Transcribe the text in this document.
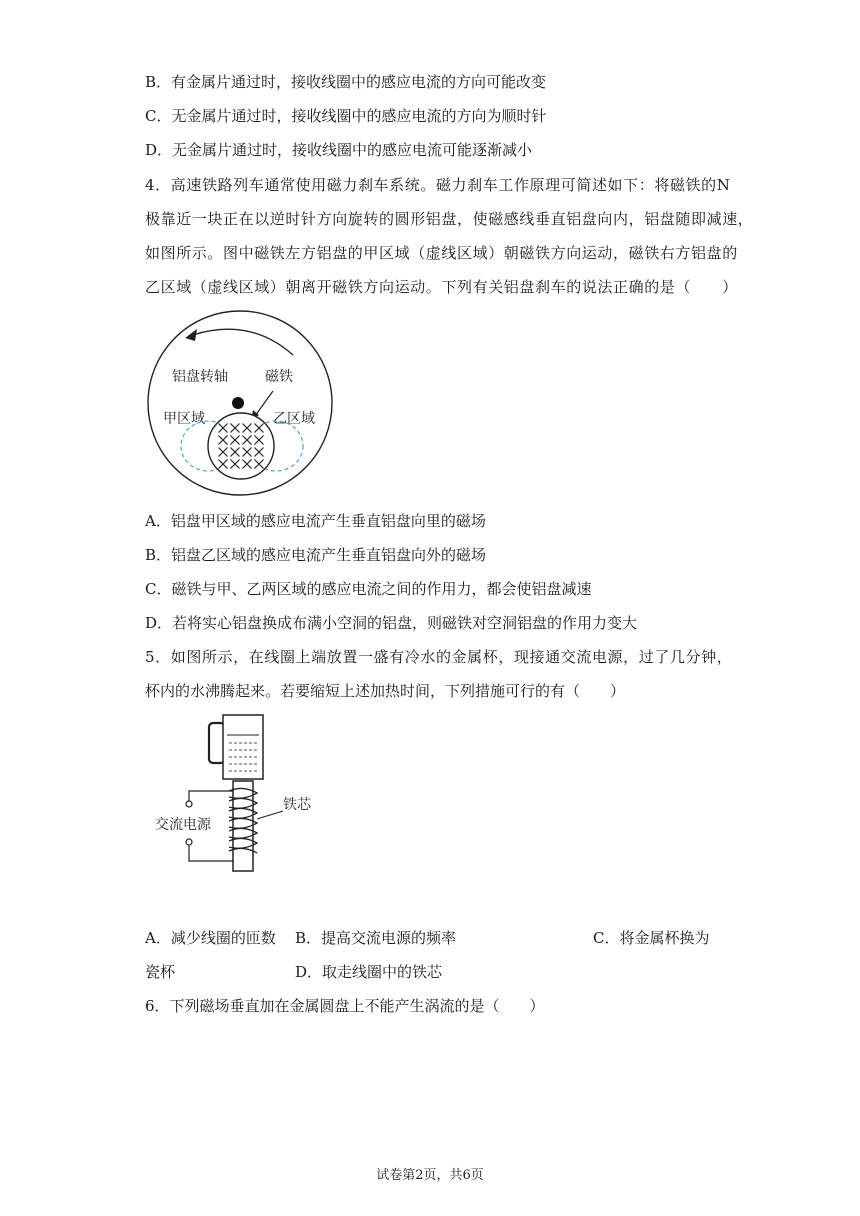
B．有金属片通过时，接收线圈中的感应电流的方向可能改变
C．无金属片通过时，接收线圈中的感应电流的方向为顺时针
D．无金属片通过时，接收线圈中的感应电流可能逐渐减小
4．高速铁路列车通常使用磁力刹车系统。磁力刹车工作原理可简述如下：将磁铁的N
极靠近一块正在以逆时针方向旋转的圆形铝盘，使磁感线垂直铝盘向内，铝盘随即减速，
如图所示。图中磁铁左方铝盘的甲区域（虚线区域）朝磁铁方向运动，磁铁右方铝盘的
乙区域（虚线区域）朝离开磁铁方向运动。下列有关铝盘刹车的说法正确的是（　　）
铝盘转轴	磁铁
甲区域	乙区域
A．铝盘甲区域的感应电流产生垂直铝盘向里的磁场
B．铝盘乙区域的感应电流产生垂直铝盘向外的磁场
C．磁铁与甲、乙两区域的感应电流之间的作用力，都会使铝盘减速
D．若将实心铝盘换成布满小空洞的铝盘，则磁铁对空洞铝盘的作用力变大
5．如图所示，在线圈上端放置一盛有冷水的金属杯，现接通交流电源，过了几分钟，
杯内的水沸腾起来。若要缩短上述加热时间，下列措施可行的有（　　）
交流电源
铁芯
A．减少线圈的匝数 B．提高交流电源的频率	C．将金属杯换为
瓷杯	D．取走线圈中的铁芯
6．下列磁场垂直加在金属圆盘上不能产生涡流的是（　　）
试卷第2页，共6页
